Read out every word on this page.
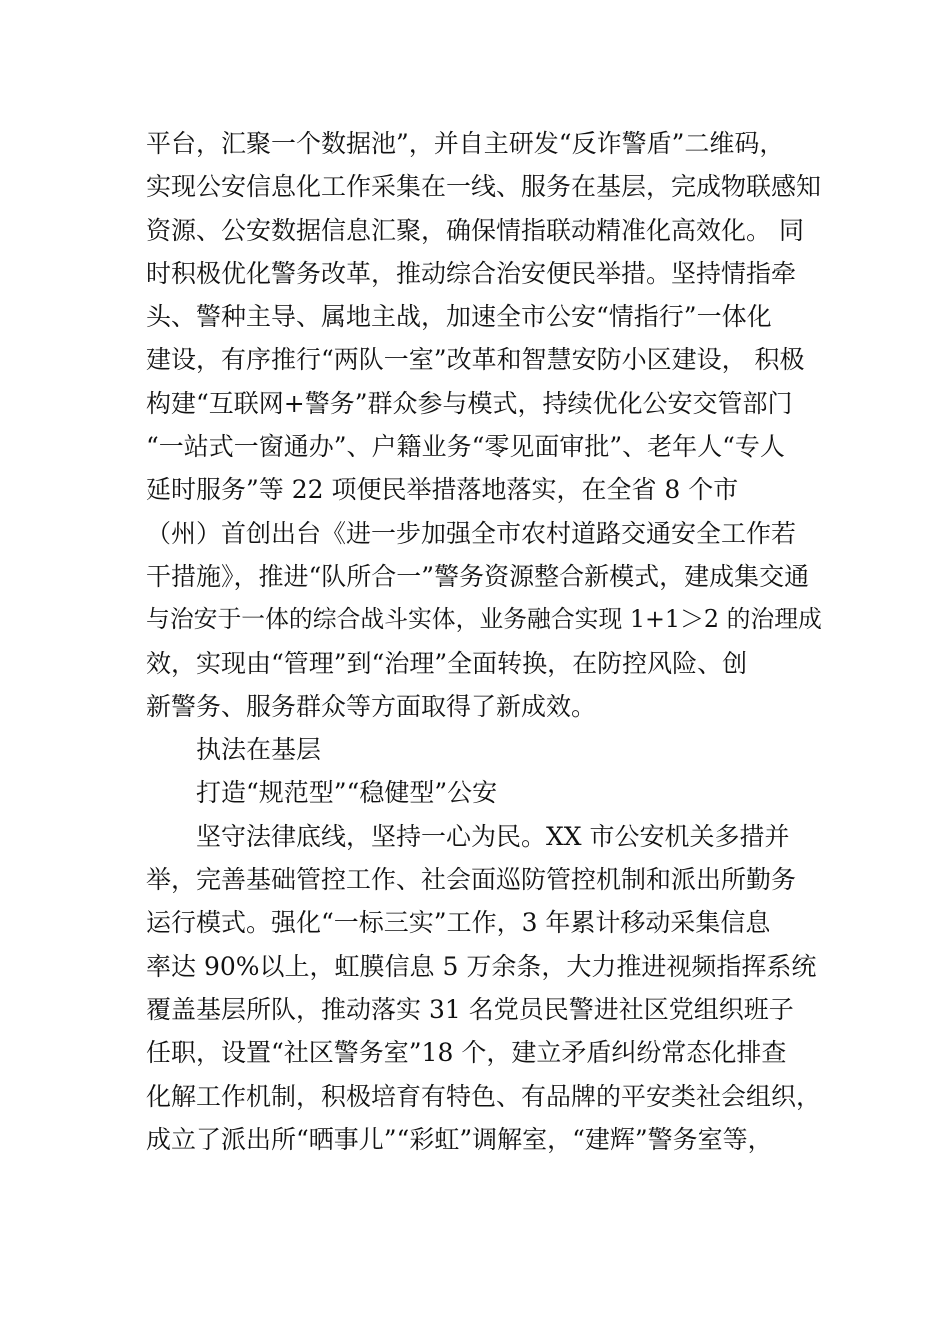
平台，汇聚一个数据池”，并自主研发“反诈警盾”二维码，
实现公安信息化工作采集在一线、服务在基层，完成物联感知
资源、公安数据信息汇聚，确保情指联动精准化高效化。 同
时积极优化警务改革，推动综合治安便民举措。坚持情指牵
头、警种主导、属地主战，加速全市公安“情指行”一体化
建设，有序推行“两队一室”改革和智慧安防小区建设， 积极
构建“互联网+警务”群众参与模式，持续优化公安交管部门
“一站式一窗通办”、户籍业务“零见面审批”、老年人“专人
延时服务”等 22 项便民举措落地落实，在全省 8 个市
（州）首创出台《进一步加强全市农村道路交通安全工作若
干措施》，推进“队所合一”警务资源整合新模式，建成集交通
与治安于一体的综合战斗实体，业务融合实现 1+1＞2 的治理成
效，实现由“管理”到“治理”全面转换，在防控风险、创
新警务、服务群众等方面取得了新成效。
执法在基层
打造“规范型”“稳健型”公安
坚守法律底线，坚持一心为民。XX 市公安机关多措并
举，完善基础管控工作、社会面巡防管控机制和派出所勤务
运行模式。强化“一标三实”工作，3 年累计移动采集信息
率达 90%以上，虹膜信息 5 万余条，大力推进视频指挥系统
覆盖基层所队，推动落实 31 名党员民警进社区党组织班子
任职，设置“社区警务室”18 个，建立矛盾纠纷常态化排查
化解工作机制，积极培育有特色、有品牌的平安类社会组织，
成立了派出所“晒事儿”“彩虹”调解室，“建辉”警务室等，
